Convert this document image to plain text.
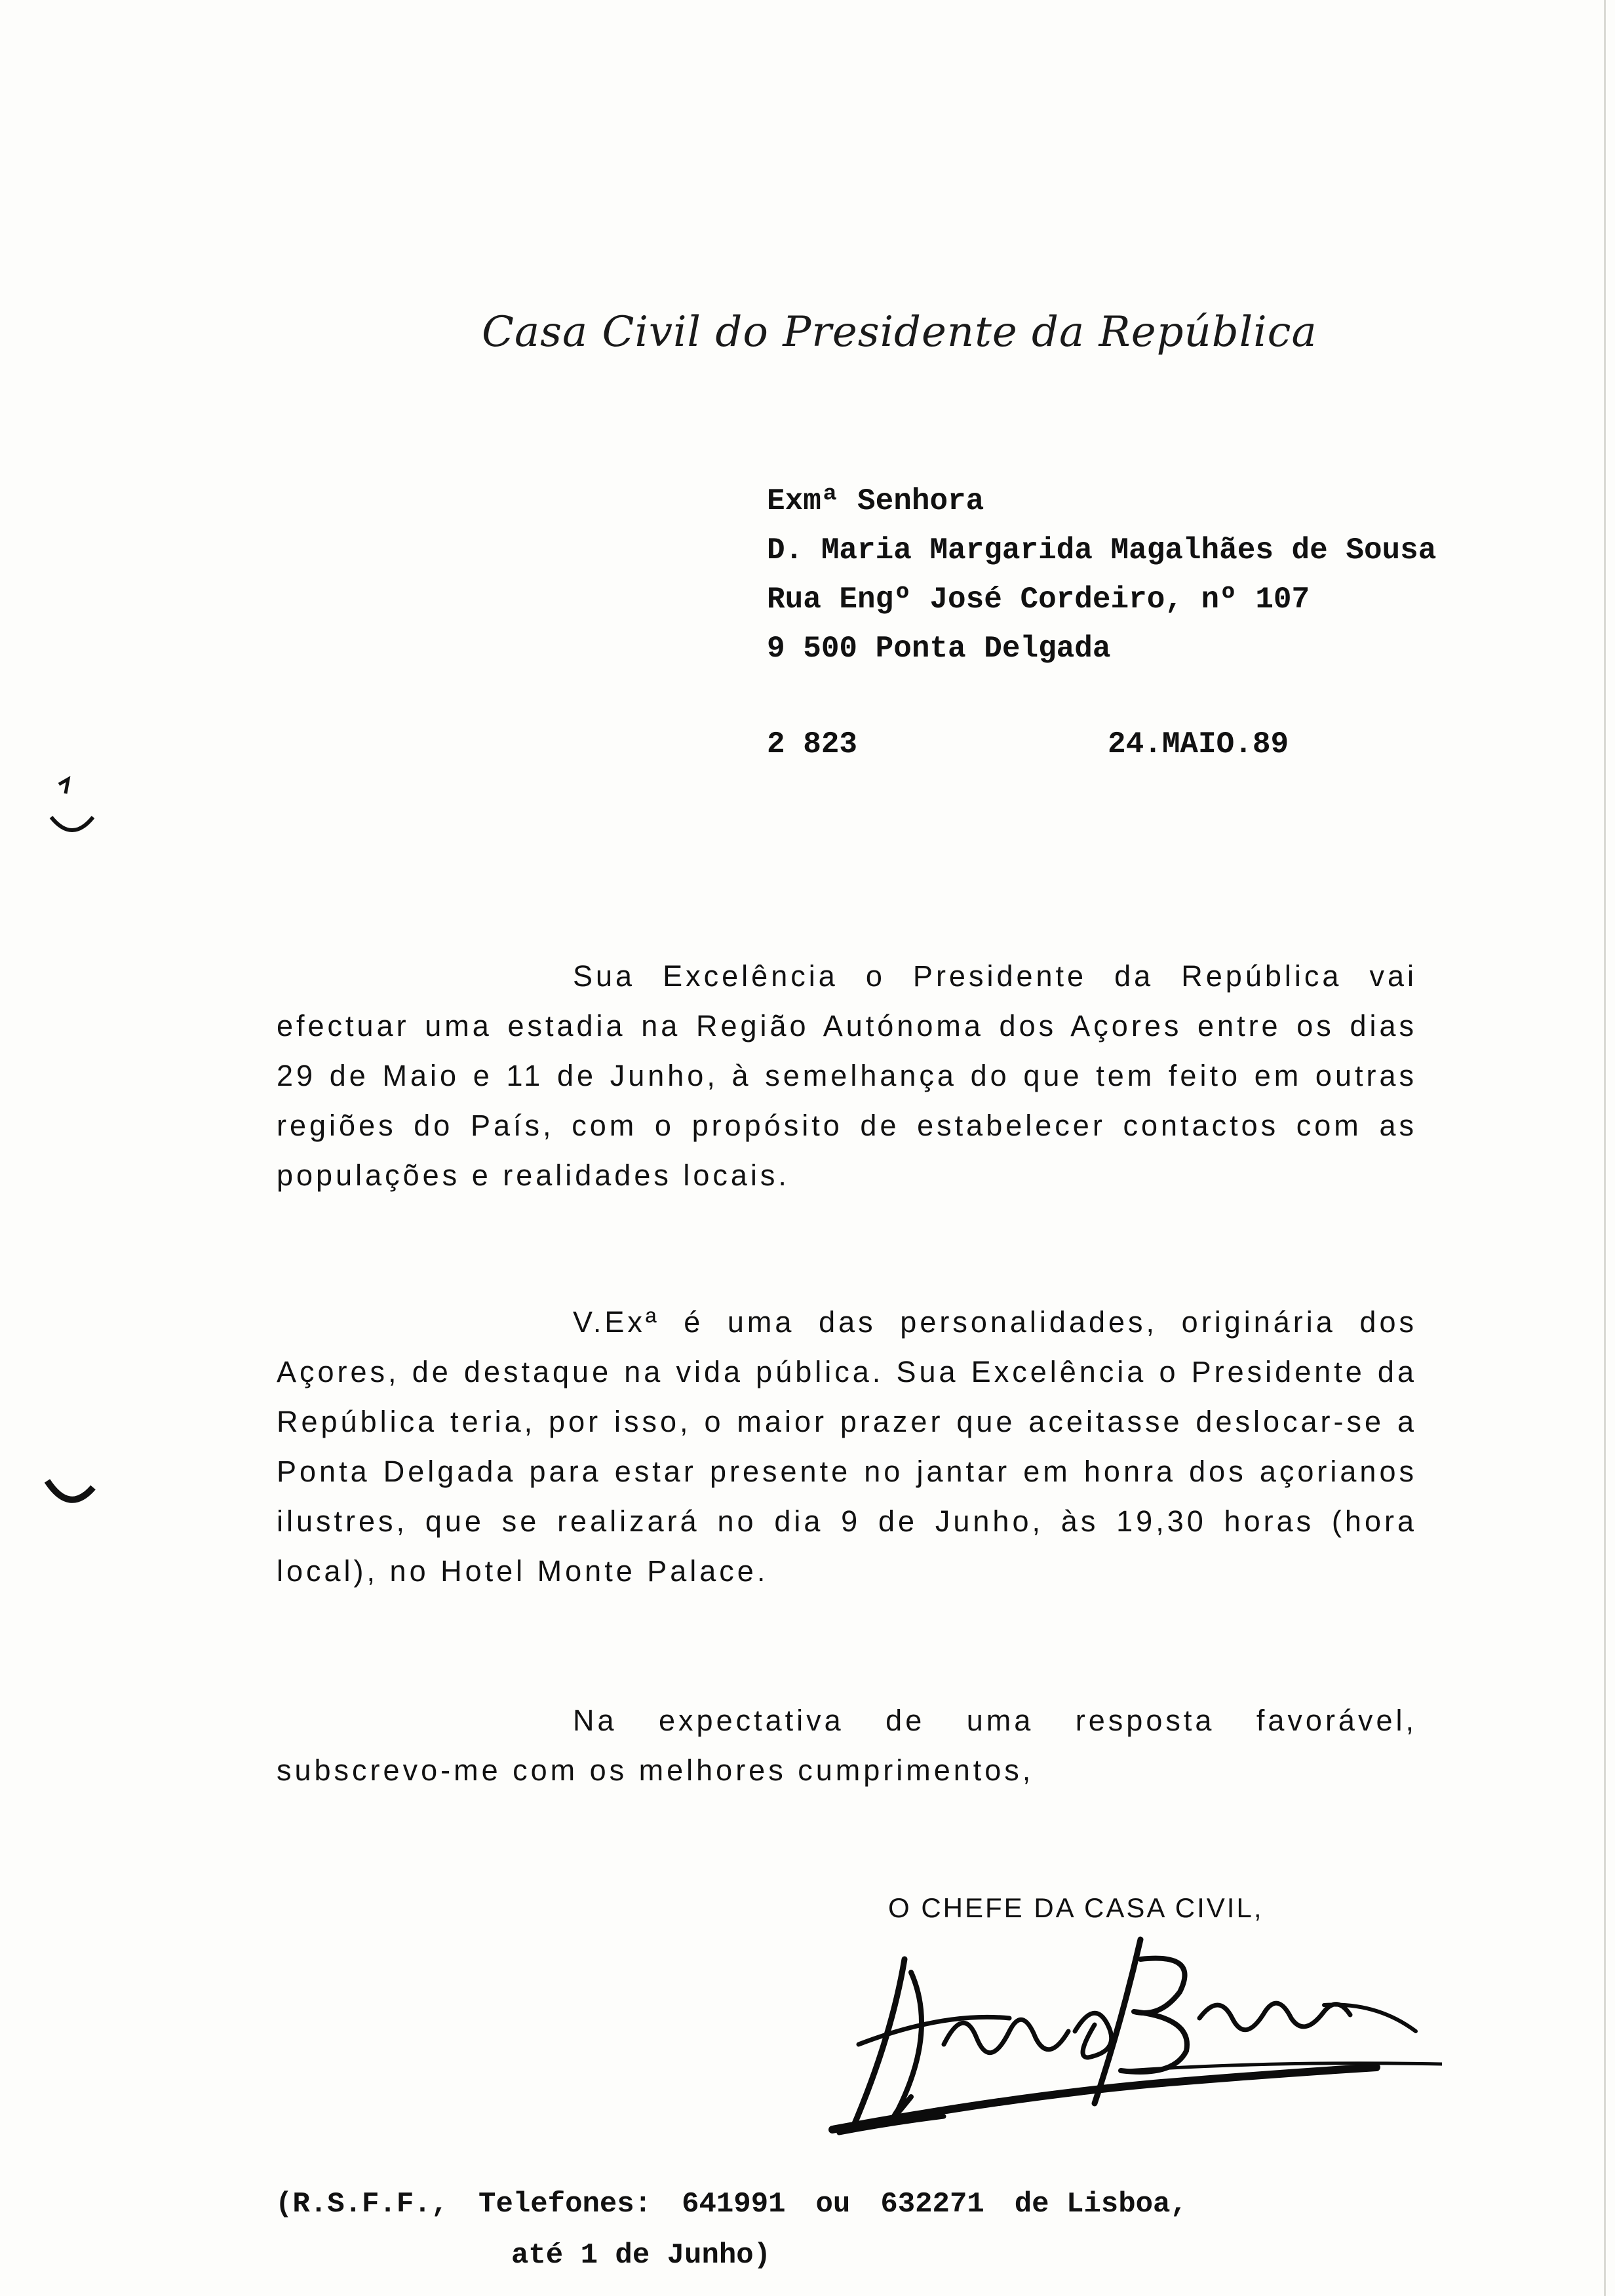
Casa Civil do Presidente da República
Exmª Senhora
D. Maria Margarida Magalhães de Sousa
Rua Engº José Cordeiro, nº 107
9 500 Ponta Delgada
2 823	24.MAIO.89

Sua Excelência o Presidente da República vai efectuar uma estadia na Região Autónoma dos Açores entre os dias 29 de Maio e 11 de Junho, à semelhança do que tem feito em outras regiões do País, com o propósito de estabelecer contactos com as populações e realidades locais.

V.Exª é uma das personalidades, originária dos Açores, de destaque na vida pública. Sua Excelência o Presidente da República teria, por isso, o maior prazer que aceitasse deslocar-se a Ponta Delgada para estar presente no jantar em honra dos açorianos ilustres, que se realizará no dia 9 de Junho, às 19,30 horas (hora local), no Hotel Monte Palace.

Na expectativa de uma resposta favorável, subscrevo-me com os melhores cumprimentos,

O CHEFE DA CASA CIVIL,
(R.S.F.F., Telefones: 641991 ou 632271 de Lisboa,
até 1 de Junho)
